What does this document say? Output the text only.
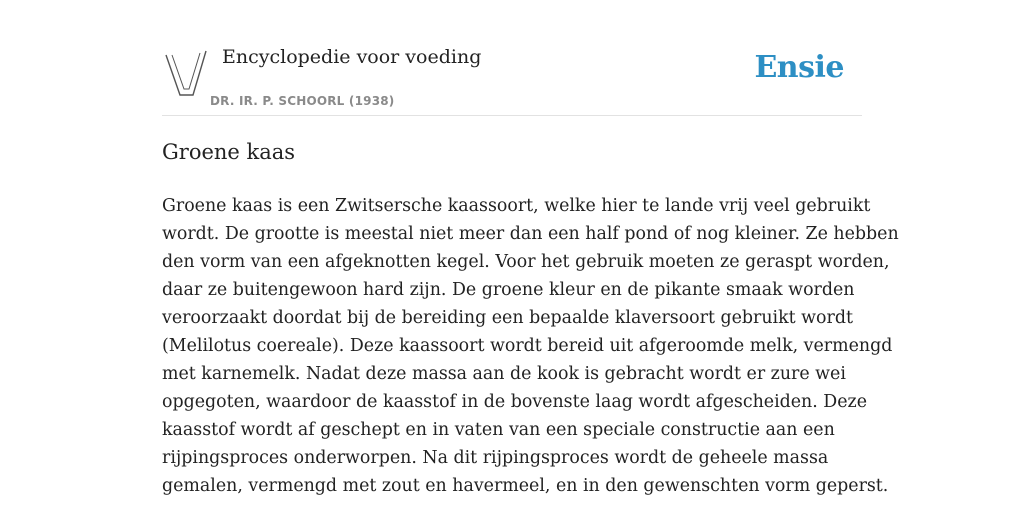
Encyclopedie voor voeding
DR. IR. P. SCHOORL (1938)
Ensie
Groene kaas

Groene kaas is een Zwitsersche kaassoort, welke hier te lande vrij veel gebruikt
wordt. De grootte is meestal niet meer dan een half pond of nog kleiner. Ze hebben
den vorm van een afgeknotten kegel. Voor het gebruik moeten ze geraspt worden,
daar ze buitengewoon hard zijn. De groene kleur en de pikante smaak worden
veroorzaakt doordat bij de bereiding een bepaalde klaversoort gebruikt wordt
(Melilotus coereale). Deze kaassoort wordt bereid uit afgeroomde melk, vermengd
met karnemelk. Nadat deze massa aan de kook is gebracht wordt er zure wei
opgegoten, waardoor de kaasstof in de bovenste laag wordt afgescheiden. Deze
kaasstof wordt af geschept en in vaten van een speciale constructie aan een
rijpingsproces onderworpen. Na dit rijpingsproces wordt de geheele massa
gemalen, vermengd met zout en havermeel, en in den gewenschten vorm geperst.
